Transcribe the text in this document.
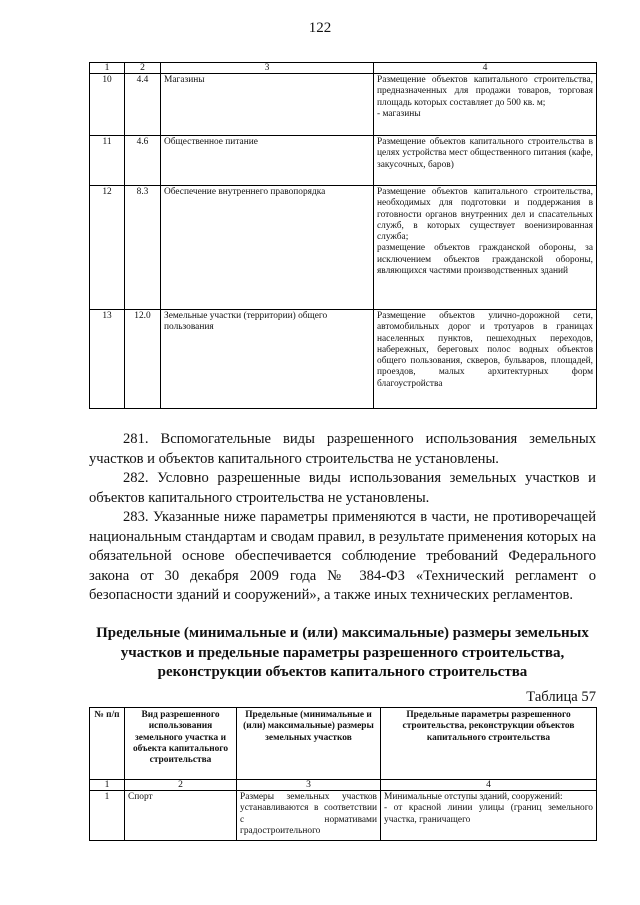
122
1	2	3	4
10	4.4	Магазины	Размещение объектов капитального строительства, предназначенных для продажи товаров, торговая площадь которых составляет до 500 кв. м;
- магазины

11	4.6	Общественное питание	Размещение объектов капитального строительства в целях устройства мест общественного питания (кафе, закусочных, баров)

12	8.3	Обеспечение внутреннего правопорядка	Размещение объектов капитального строительства, необходимых для подготовки и поддержания в готовности органов внутренних дел и спасательных служб, в которых существует военизированная служба;
размещение объектов гражданской обороны, за исключением объектов гражданской обороны, являющихся частями производственных зданий

13	12.0	Земельные участки (территории) общего пользования	Размещение объектов улично-дорожной сети, автомобильных дорог и тротуаров в границах населенных пунктов, пешеходных переходов, набережных, береговых полос водных объектов общего пользования, скверов, бульваров, площадей, проездов, малых архитектурных форм благоустройства

281. Вспомогательные виды разрешенного использования земельных участков и объектов капитального строительства не установлены.

282. Условно разрешенные виды использования земельных участков и объектов капитального строительства не установлены.

283. Указанные ниже параметры применяются в части, не противоречащей национальным стандартам и сводам правил, в результате применения которых на обязательной основе обеспечивается соблюдение требований Федерального закона от 30 декабря 2009 года № 384-ФЗ «Технический регламент о безопасности зданий и сооружений», а также иных технических регламентов.

Предельные (минимальные и (или) максимальные) размеры земельных участков и предельные параметры разрешенного строительства, реконструкции объектов капитального строительства
Таблица 57
№ п/п	Вид разрешенного использования земельного участка и объекта капитального строительства	Предельные (минимальные и (или) максимальные) размеры земельных участков	Предельные параметры разрешенного строительства, реконструкции объектов капитального строительства
1	2	3	4
1	Спорт	Размеры земельных участков устанавливаются в соответствии с нормативами градостроительного	Минимальные отступы зданий, сооружений:
- от красной линии улицы (границ земельного участка, граничащего
